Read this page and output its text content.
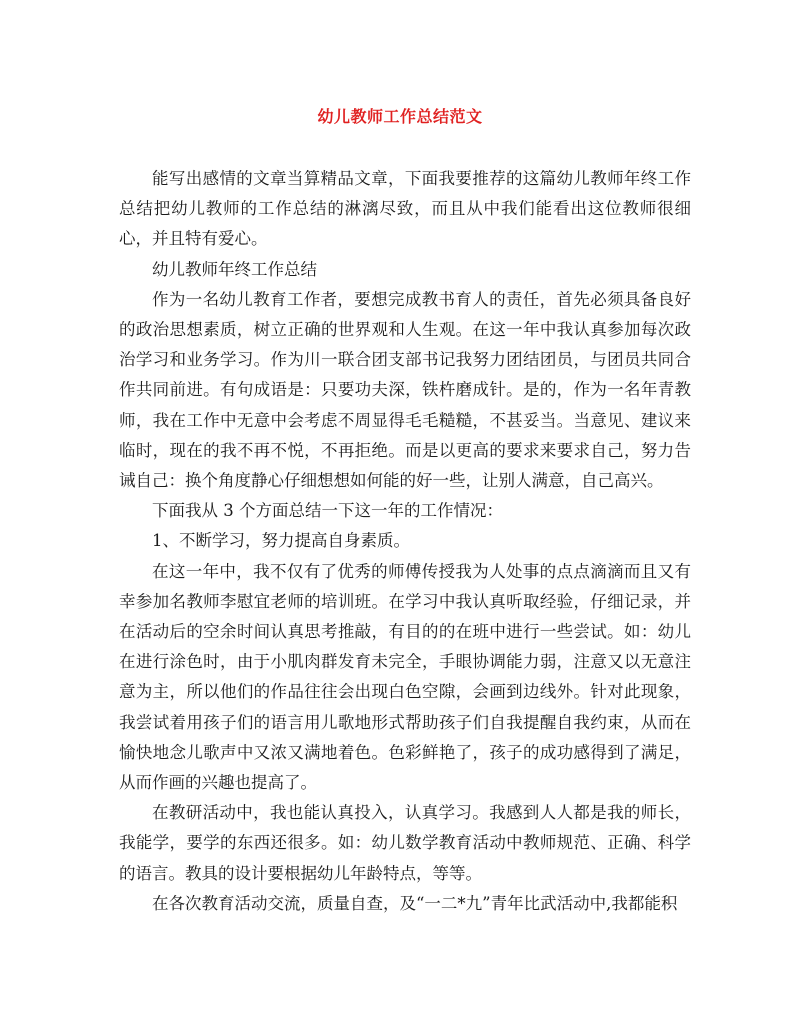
幼儿教师工作总结范文

能写出感情的文章当算精品文章，下面我要推荐的这篇幼儿教师年终工作总结把幼儿教师的工作总结的淋漓尽致，而且从中我们能看出这位教师很细心，并且特有爱心。

幼儿教师年终工作总结

作为一名幼儿教育工作者，要想完成教书育人的责任，首先必须具备良好的政治思想素质，树立正确的世界观和人生观。在这一年中我认真参加每次政治学习和业务学习。作为川一联合团支部书记我努力团结团员，与团员共同合作共同前进。有句成语是：只要功夫深，铁杵磨成针。是的，作为一名年青教师，我在工作中无意中会考虑不周显得毛毛糙糙，不甚妥当。当意见、建议来临时，现在的我不再不悦，不再拒绝。而是以更高的要求来要求自己，努力告诫自己：换个角度静心仔细想想如何能的好一些，让别人满意，自己高兴。

下面我从 3 个方面总结一下这一年的工作情况：

1、不断学习，努力提高自身素质。

在这一年中，我不仅有了优秀的师傅传授我为人处事的点点滴滴而且又有幸参加名教师李慰宜老师的培训班。在学习中我认真听取经验，仔细记录，并在活动后的空余时间认真思考推敲，有目的的在班中进行一些尝试。如：幼儿在进行涂色时，由于小肌肉群发育未完全，手眼协调能力弱，注意又以无意注意为主，所以他们的作品往往会出现白色空隙，会画到边线外。针对此现象，我尝试着用孩子们的语言用儿歌地形式帮助孩子们自我提醒自我约束，从而在愉快地念儿歌声中又浓又满地着色。色彩鲜艳了，孩子的成功感得到了满足，从而作画的兴趣也提高了。

在教研活动中，我也能认真投入，认真学习。我感到人人都是我的师长，我能学，要学的东西还很多。如：幼儿数学教育活动中教师规范、正确、科学的语言。教具的设计要根据幼儿年龄特点，等等。

在各次教育活动交流，质量自查，及“一二*九”青年比武活动中,我都能积
